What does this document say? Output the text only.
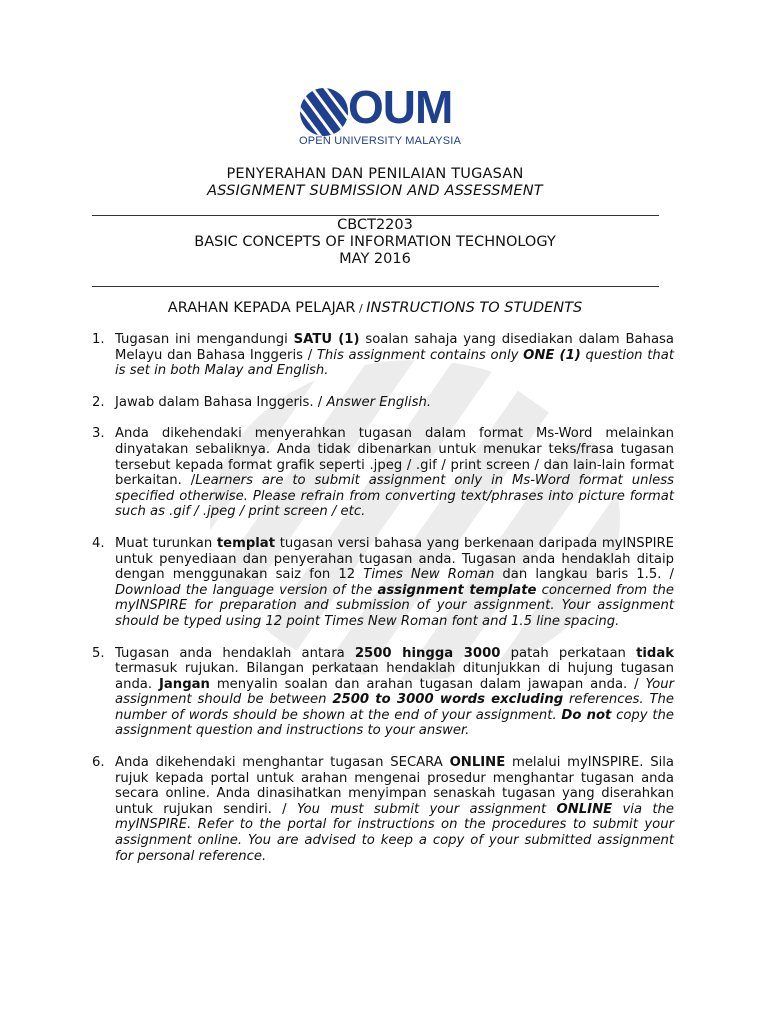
OUM
OPEN UNIVERSITY MALAYSIA
PENYERAHAN DAN PENILAIAN TUGASAN
ASSIGNMENT SUBMISSION AND ASSESSMENT
CBCT2203
BASIC CONCEPTS OF INFORMATION TECHNOLOGY
MAY 2016
ARAHAN KEPADA PELAJAR / INSTRUCTIONS TO STUDENTS
1. Tugasan ini mengandungi SATU (1) soalan sahaja yang disediakan dalam Bahasa Melayu dan Bahasa Inggeris / This assignment contains only ONE (1) question that is set in both Malay and English.
2. Jawab dalam Bahasa Inggeris. / Answer English.
3. Anda dikehendaki menyerahkan tugasan dalam format Ms-Word melainkan dinyatakan sebaliknya. Anda tidak dibenarkan untuk menukar teks/frasa tugasan tersebut kepada format grafik seperti .jpeg / .gif / print screen / dan lain-lain format berkaitan. /Learners are to submit assignment only in Ms-Word format unless specified otherwise. Please refrain from converting text/phrases into picture format such as .gif / .jpeg / print screen / etc.
4. Muat turunkan templat tugasan versi bahasa yang berkenaan daripada myINSPIRE untuk penyediaan dan penyerahan tugasan anda. Tugasan anda hendaklah ditaip dengan menggunakan saiz fon 12 Times New Roman dan langkau baris 1.5. / Download the language version of the assignment template concerned from the myINSPIRE for preparation and submission of your assignment. Your assignment should be typed using 12 point Times New Roman font and 1.5 line spacing.
5. Tugasan anda hendaklah antara 2500 hingga 3000 patah perkataan tidak termasuk rujukan. Bilangan perkataan hendaklah ditunjukkan di hujung tugasan anda. Jangan menyalin soalan dan arahan tugasan dalam jawapan anda. / Your assignment should be between 2500 to 3000 words excluding references. The number of words should be shown at the end of your assignment. Do not copy the assignment question and instructions to your answer.
6. Anda dikehendaki menghantar tugasan SECARA ONLINE melalui myINSPIRE. Sila rujuk kepada portal untuk arahan mengenai prosedur menghantar tugasan anda secara online. Anda dinasihatkan menyimpan senaskah tugasan yang diserahkan untuk rujukan sendiri. / You must submit your assignment ONLINE via the myINSPIRE. Refer to the portal for instructions on the procedures to submit your assignment online. You are advised to keep a copy of your submitted assignment for personal reference.
